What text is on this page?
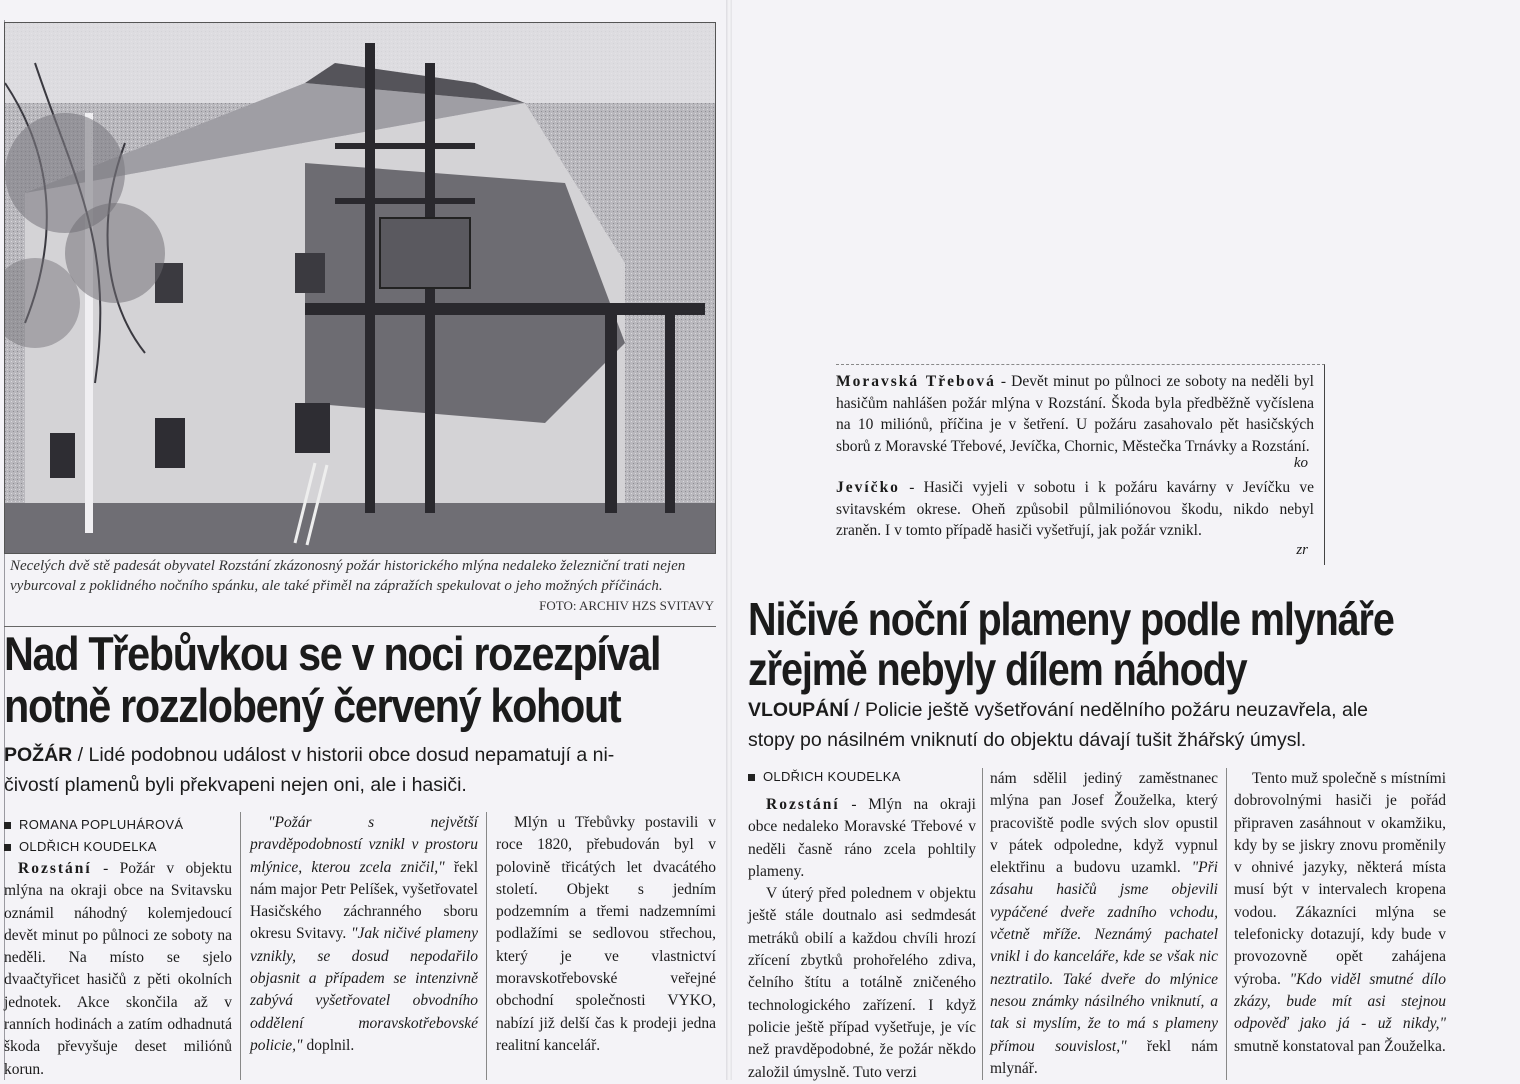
Necelých dvě stě padesát obyvatel Rozstání zkázonosný požár historického mlýna nedaleko železniční trati nejen vyburcoval z poklidného nočního spánku, ale také přiměl na zápražích spekulovat o jeho možných příčinách.
FOTO: ARCHIV HZS SVITAVY
Nad Třebůvkou se v noci rozezpíval
notně rozzlobený červený kohout
POŽÁR / Lidé podobnou událost v historii obce dosud nepamatují a ni-
čivostí plamenů byli překvapeni nejen oni, ale i hasiči.
ROMANA POPLUHÁROVÁ
OLDŘICH KOUDELKA

Rozstání - Požár v objektu mlýna na okraji obce na Svitavsku oznámil náhodný kolemjedoucí devět minut po půlnoci ze soboty na neděli. Na místo se sjelo dvaačtyřicet hasičů z pěti okolních jednotek. Akce skončila až v ranních hodinách a zatím odhadnutá škoda převyšuje deset miliónů korun.

"Požár s největší pravděpodobností vznikl v prostoru mlýnice, kterou zcela zničil," řekl nám major Petr Pelíšek, vyšetřovatel Hasičského záchranného sboru okresu Svitavy. "Jak ničivé plameny vznikly, se dosud nepodařilo objasnit a případem se intenzivně zabývá vyšetřovatel obvodního oddělení moravskotřebovské policie," doplnil.

Mlýn u Třebůvky postavili v roce 1820, přebudován byl v polovině třicátých let dvacátého století. Objekt s jedním podzemním a třemi nadzemními podlažími se sedlovou střechou, který je ve vlastnictví moravskotřebovské veřejné obchodní společnosti VYKO, nabízí již delší čas k prodeji jedna realitní kancelář.

Moravská Třebová - Devět minut po půlnoci ze soboty na neděli byl hasičům nahlášen požár mlýna v Rozstání. Škoda byla předběžně vyčíslena na 10 miliónů, příčina je v šetření. U požáru zasahovalo pět hasičských sborů z Moravské Třebové, Jevíčka, Chornic, Městečka Trnávky a Rozstání.
ko
Jevíčko - Hasiči vyjeli v sobotu i k požáru kavárny v Jevíčku ve svitavském okrese. Oheň způsobil půlmiliónovou škodu, nikdo nebyl zraněn. I v tomto případě hasiči vyšetřují, jak požár vznikl.
zr
Ničivé noční plameny podle mlynáře
zřejmě nebyly dílem náhody
VLOUPÁNÍ / Policie ještě vyšetřování nedělního požáru neuzavřela, ale
stopy po násilném vniknutí do objektu dávají tušit žhářský úmysl.
OLDŘICH KOUDELKA

Rozstání - Mlýn na okraji obce nedaleko Moravské Třebové v neděli časně ráno zcela pohltily plameny.

V úterý před polednem v objektu ještě stále doutnalo asi sedmdesát metráků obilí a každou chvíli hrozí zřícení zbytků prohořelého zdiva, čelního štítu a totálně zničeného technologického zařízení. I když policie ještě případ vyšetřuje, je víc než pravděpodobné, že požár někdo založil úmyslně. Tuto verzi

nám sdělil jediný zaměstnanec mlýna pan Josef Žouželka, který pracoviště podle svých slov opustil v pátek odpoledne, když vypnul elektřinu a budovu uzamkl. "Při zásahu hasičů jsme objevili vypáčené dveře zadního vchodu, včetně mříže. Neznámý pachatel vnikl i do kanceláře, kde se však nic neztratilo. Také dveře do mlýnice nesou známky násilného vniknutí, a tak si myslím, že to má s plameny přímou souvislost," řekl nám mlynář.

Tento muž společně s místními dobrovolnými hasiči je pořád připraven zasáhnout v okamžiku, kdy by se jiskry znovu proměnily v ohnivé jazyky, některá místa musí být v intervalech kropena vodou. Zákazníci mlýna se telefonicky dotazují, kdy bude v provozovně opět zahájena výroba. "Kdo viděl smutné dílo zkázy, bude mít asi stejnou odpověď jako já - už nikdy," smutně konstatoval pan Žouželka.
